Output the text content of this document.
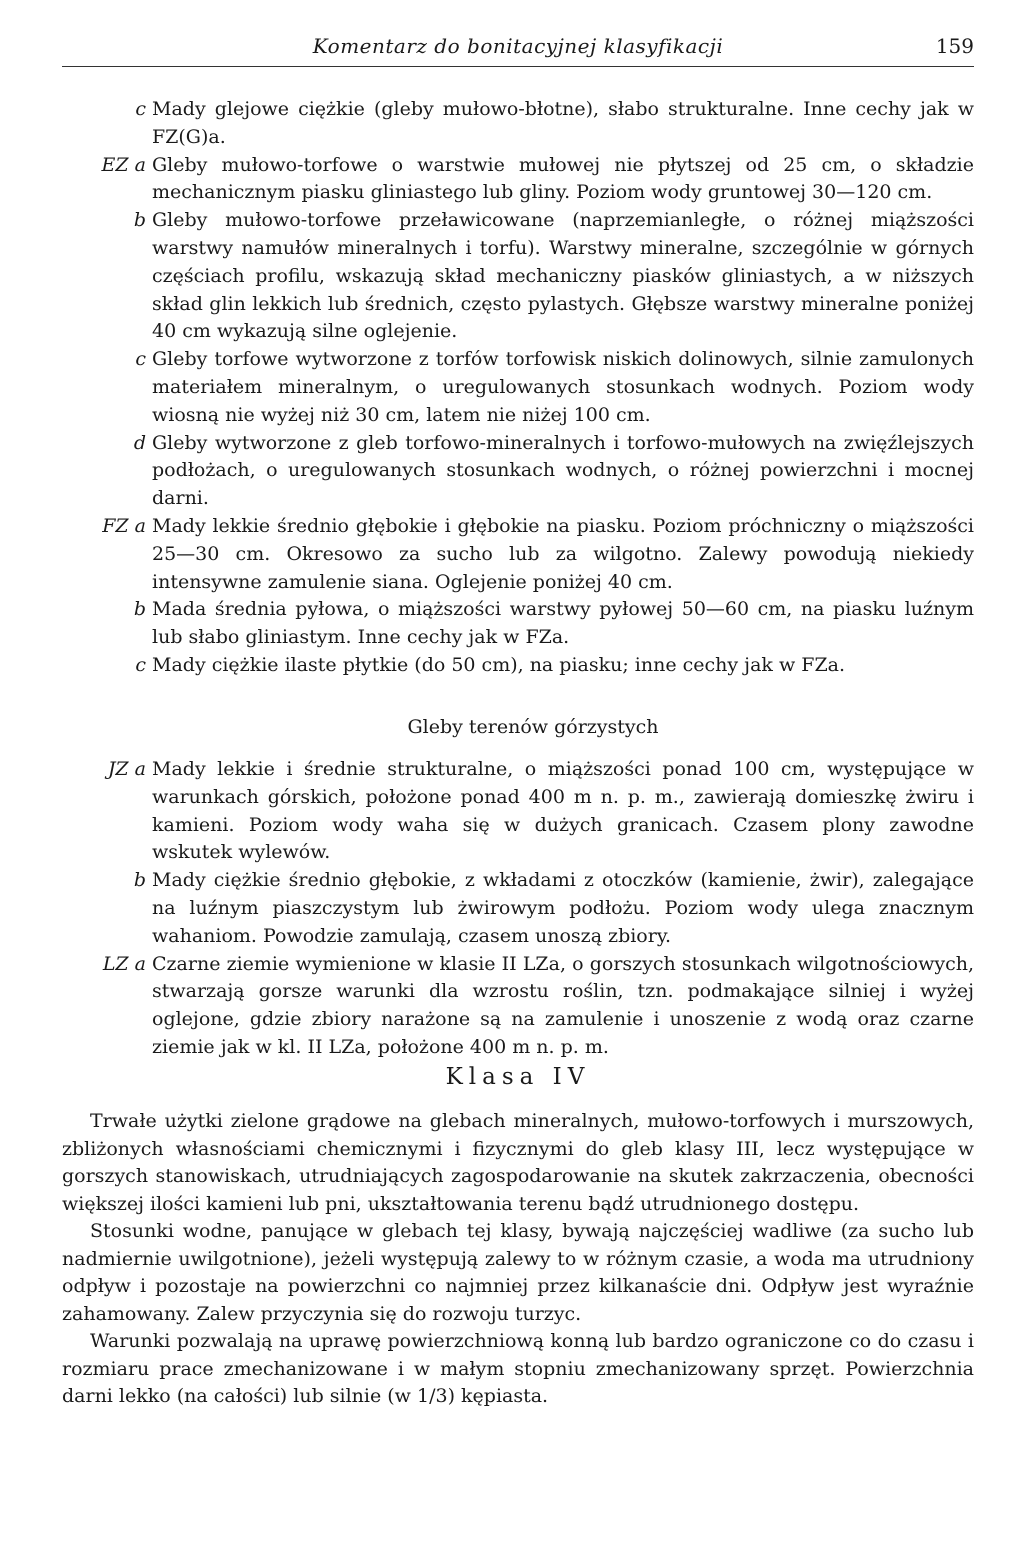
Komentarz do bonitacyjnej klasyfikacji	159
c Mady glejowe ciężkie (gleby mułowo-błotne), słabo strukturalne. Inne cechy jak w FZ(G)a.
EZ a Gleby mułowo-torfowe o warstwie mułowej nie płytszej od 25 cm, o składzie mechanicznym piasku gliniastego lub gliny. Poziom wody gruntowej 30—120 cm.
b Gleby mułowo-torfowe przeławicowane (naprzemianległe, o różnej miąższości warstwy namułów mineralnych i torfu). Warstwy mineralne, szczególnie w górnych częściach profilu, wskazują skład mechaniczny piasków gliniastych, a w niższych skład glin lekkich lub średnich, często pylastych. Głębsze warstwy mineralne poniżej 40 cm wykazują silne oglejenie.
c Gleby torfowe wytworzone z torfów torfowisk niskich dolinowych, silnie zamulonych materiałem mineralnym, o uregulowanych stosunkach wodnych. Poziom wody wiosną nie wyżej niż 30 cm, latem nie niżej 100 cm.
d Gleby wytworzone z gleb torfowo-mineralnych i torfowo-mułowych na zwięźlejszych podłożach, o uregulowanych stosunkach wodnych, o różnej powierzchni i mocnej darni.
FZ a Mady lekkie średnio głębokie i głębokie na piasku. Poziom próchniczny o miąższości 25—30 cm. Okresowo za sucho lub za wilgotno. Zalewy powodują niekiedy intensywne zamulenie siana. Oglejenie poniżej 40 cm.
b Mada średnia pyłowa, o miąższości warstwy pyłowej 50—60 cm, na piasku luźnym lub słabo gliniastym. Inne cechy jak w FZa.
c Mady ciężkie ilaste płytkie (do 50 cm), na piasku; inne cechy jak w FZa.
Gleby terenów górzystych
JZ a Mady lekkie i średnie strukturalne, o miąższości ponad 100 cm, występujące w warunkach górskich, położone ponad 400 m n. p. m., zawierają domieszkę żwiru i kamieni. Poziom wody waha się w dużych granicach. Czasem plony zawodne wskutek wylewów.
b Mady ciężkie średnio głębokie, z wkładami z otoczków (kamienie, żwir), zalegające na luźnym piaszczystym lub żwirowym podłożu. Poziom wody ulega znacznym wahaniom. Powodzie zamulają, czasem unoszą zbiory.
LZ a Czarne ziemie wymienione w klasie II LZa, o gorszych stosunkach wilgotnościowych, stwarzają gorsze warunki dla wzrostu roślin, tzn. podmakające silniej i wyżej oglejone, gdzie zbiory narażone są na zamulenie i unoszenie z wodą oraz czarne ziemie jak w kl. II LZa, położone 400 m n. p. m.
Klasa IV

Trwałe użytki zielone grądowe na glebach mineralnych, mułowo-torfowych i murszowych, zbliżonych własnościami chemicznymi i fizycznymi do gleb klasy III, lecz występujące w gorszych stanowiskach, utrudniających zagospodarowanie na skutek zakrzaczenia, obecności większej ilości kamieni lub pni, ukształtowania terenu bądź utrudnionego dostępu.

Stosunki wodne, panujące w glebach tej klasy, bywają najczęściej wadliwe (za sucho lub nadmiernie uwilgotnione), jeżeli występują zalewy to w różnym czasie, a woda ma utrudniony odpływ i pozostaje na powierzchni co najmniej przez kilkanaście dni. Odpływ jest wyraźnie zahamowany. Zalew przyczynia się do rozwoju turzyc.

Warunki pozwalają na uprawę powierzchniową konną lub bardzo ograniczone co do czasu i rozmiaru prace zmechanizowane i w małym stopniu zmechanizowany sprzęt. Powierzchnia darni lekko (na całości) lub silnie (w 1/3) kępiasta.
